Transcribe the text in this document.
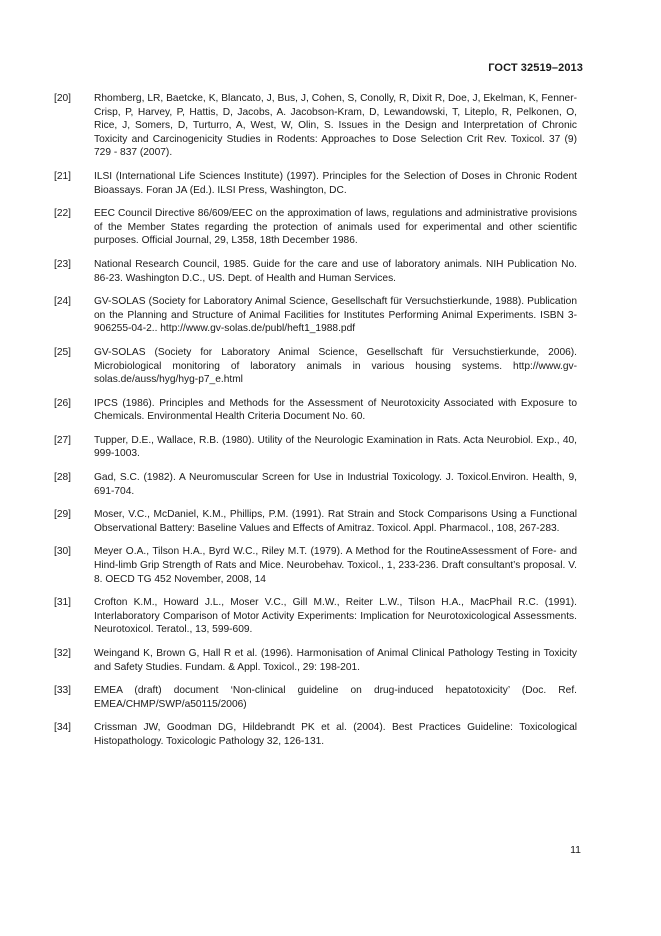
ГОСТ 32519–2013
[20]	Rhomberg, LR, Baetcke, K, Blancato, J, Bus, J, Cohen, S, Conolly, R, Dixit R, Doe, J, Ekelman, K, Fenner-Crisp, P, Harvey, P, Hattis, D, Jacobs, A. Jacobson-Kram, D, Lewandowski, T, Liteplo, R, Pelkonen, O, Rice, J, Somers, D, Turturro, A, West, W, Olin, S. Issues in the Design and Interpretation of Chronic Toxicity and Carcinogenicity Studies in Rodents: Approaches to Dose Selection Crit Rev. Toxicol. 37 (9) 729 - 837 (2007).
[21]	ILSI (International Life Sciences Institute) (1997). Principles for the Selection of Doses in Chronic Rodent Bioassays. Foran JA (Ed.). ILSI Press, Washington, DC.
[22]	EEC Council Directive 86/609/EEC on the approximation of laws, regulations and administrative provisions of the Member States regarding the protection of animals used for experimental and other scientific purposes. Official Journal, 29, L358, 18th December 1986.
[23]	National Research Council, 1985. Guide for the care and use of laboratory animals. NIH Publication No. 86-23. Washington D.C., US. Dept. of Health and Human Services.
[24]	GV-SOLAS (Society for Laboratory Animal Science, Gesellschaft für Versuchstierkunde, 1988). Publication on the Planning and Structure of Animal Facilities for Institutes Performing Animal Experiments. ISBN 3-906255-04-2.. http://www.gv-solas.de/publ/heft1_1988.pdf
[25]	GV-SOLAS (Society for Laboratory Animal Science, Gesellschaft für Versuchstierkunde, 2006). Microbiological monitoring of laboratory animals in various housing systems. http://www.gv-solas.de/auss/hyg/hyg-p7_e.html
[26]	IPCS (1986). Principles and Methods for the Assessment of Neurotoxicity Associated with Exposure to Chemicals. Environmental Health Criteria Document No. 60.
[27]	Tupper, D.E., Wallace, R.B. (1980). Utility of the Neurologic Examination in Rats. Acta Neurobiol. Exp., 40, 999-1003.
[28]	Gad, S.C. (1982). A Neuromuscular Screen for Use in Industrial Toxicology. J. Toxicol.Environ. Health, 9, 691-704.
[29]	Moser, V.C., McDaniel, K.M., Phillips, P.M. (1991). Rat Strain and Stock Comparisons Using a Functional Observational Battery: Baseline Values and Effects of Amitraz. Toxicol. Appl. Pharmacol., 108, 267-283.
[30]	Meyer O.A., Tilson H.A., Byrd W.C., Riley M.T. (1979). A Method for the RoutineAssessment of Fore- and Hind-limb Grip Strength of Rats and Mice. Neurobehav. Toxicol., 1, 233-236. Draft consultant’s proposal. V. 8. OECD TG 452 November, 2008, 14
[31]	Crofton K.M., Howard J.L., Moser V.C., Gill M.W., Reiter L.W., Tilson H.A., MacPhail R.C. (1991). Interlaboratory Comparison of Motor Activity Experiments: Implication for Neurotoxicological Assessments. Neurotoxicol. Teratol., 13, 599-609.
[32]	Weingand K, Brown G, Hall R et al. (1996). Harmonisation of Animal Clinical Pathology Testing in Toxicity and Safety Studies. Fundam. & Appl. Toxicol., 29: 198-201.
[33]	EMEA (draft) document ‘Non-clinical guideline on drug-induced hepatotoxicity’ (Doc. Ref. EMEA/CHMP/SWP/a50115/2006)
[34]	Crissman JW, Goodman DG, Hildebrandt PK et al. (2004). Best Practices Guideline: Toxicological Histopathology. Toxicologic Pathology 32, 126-131.
11
